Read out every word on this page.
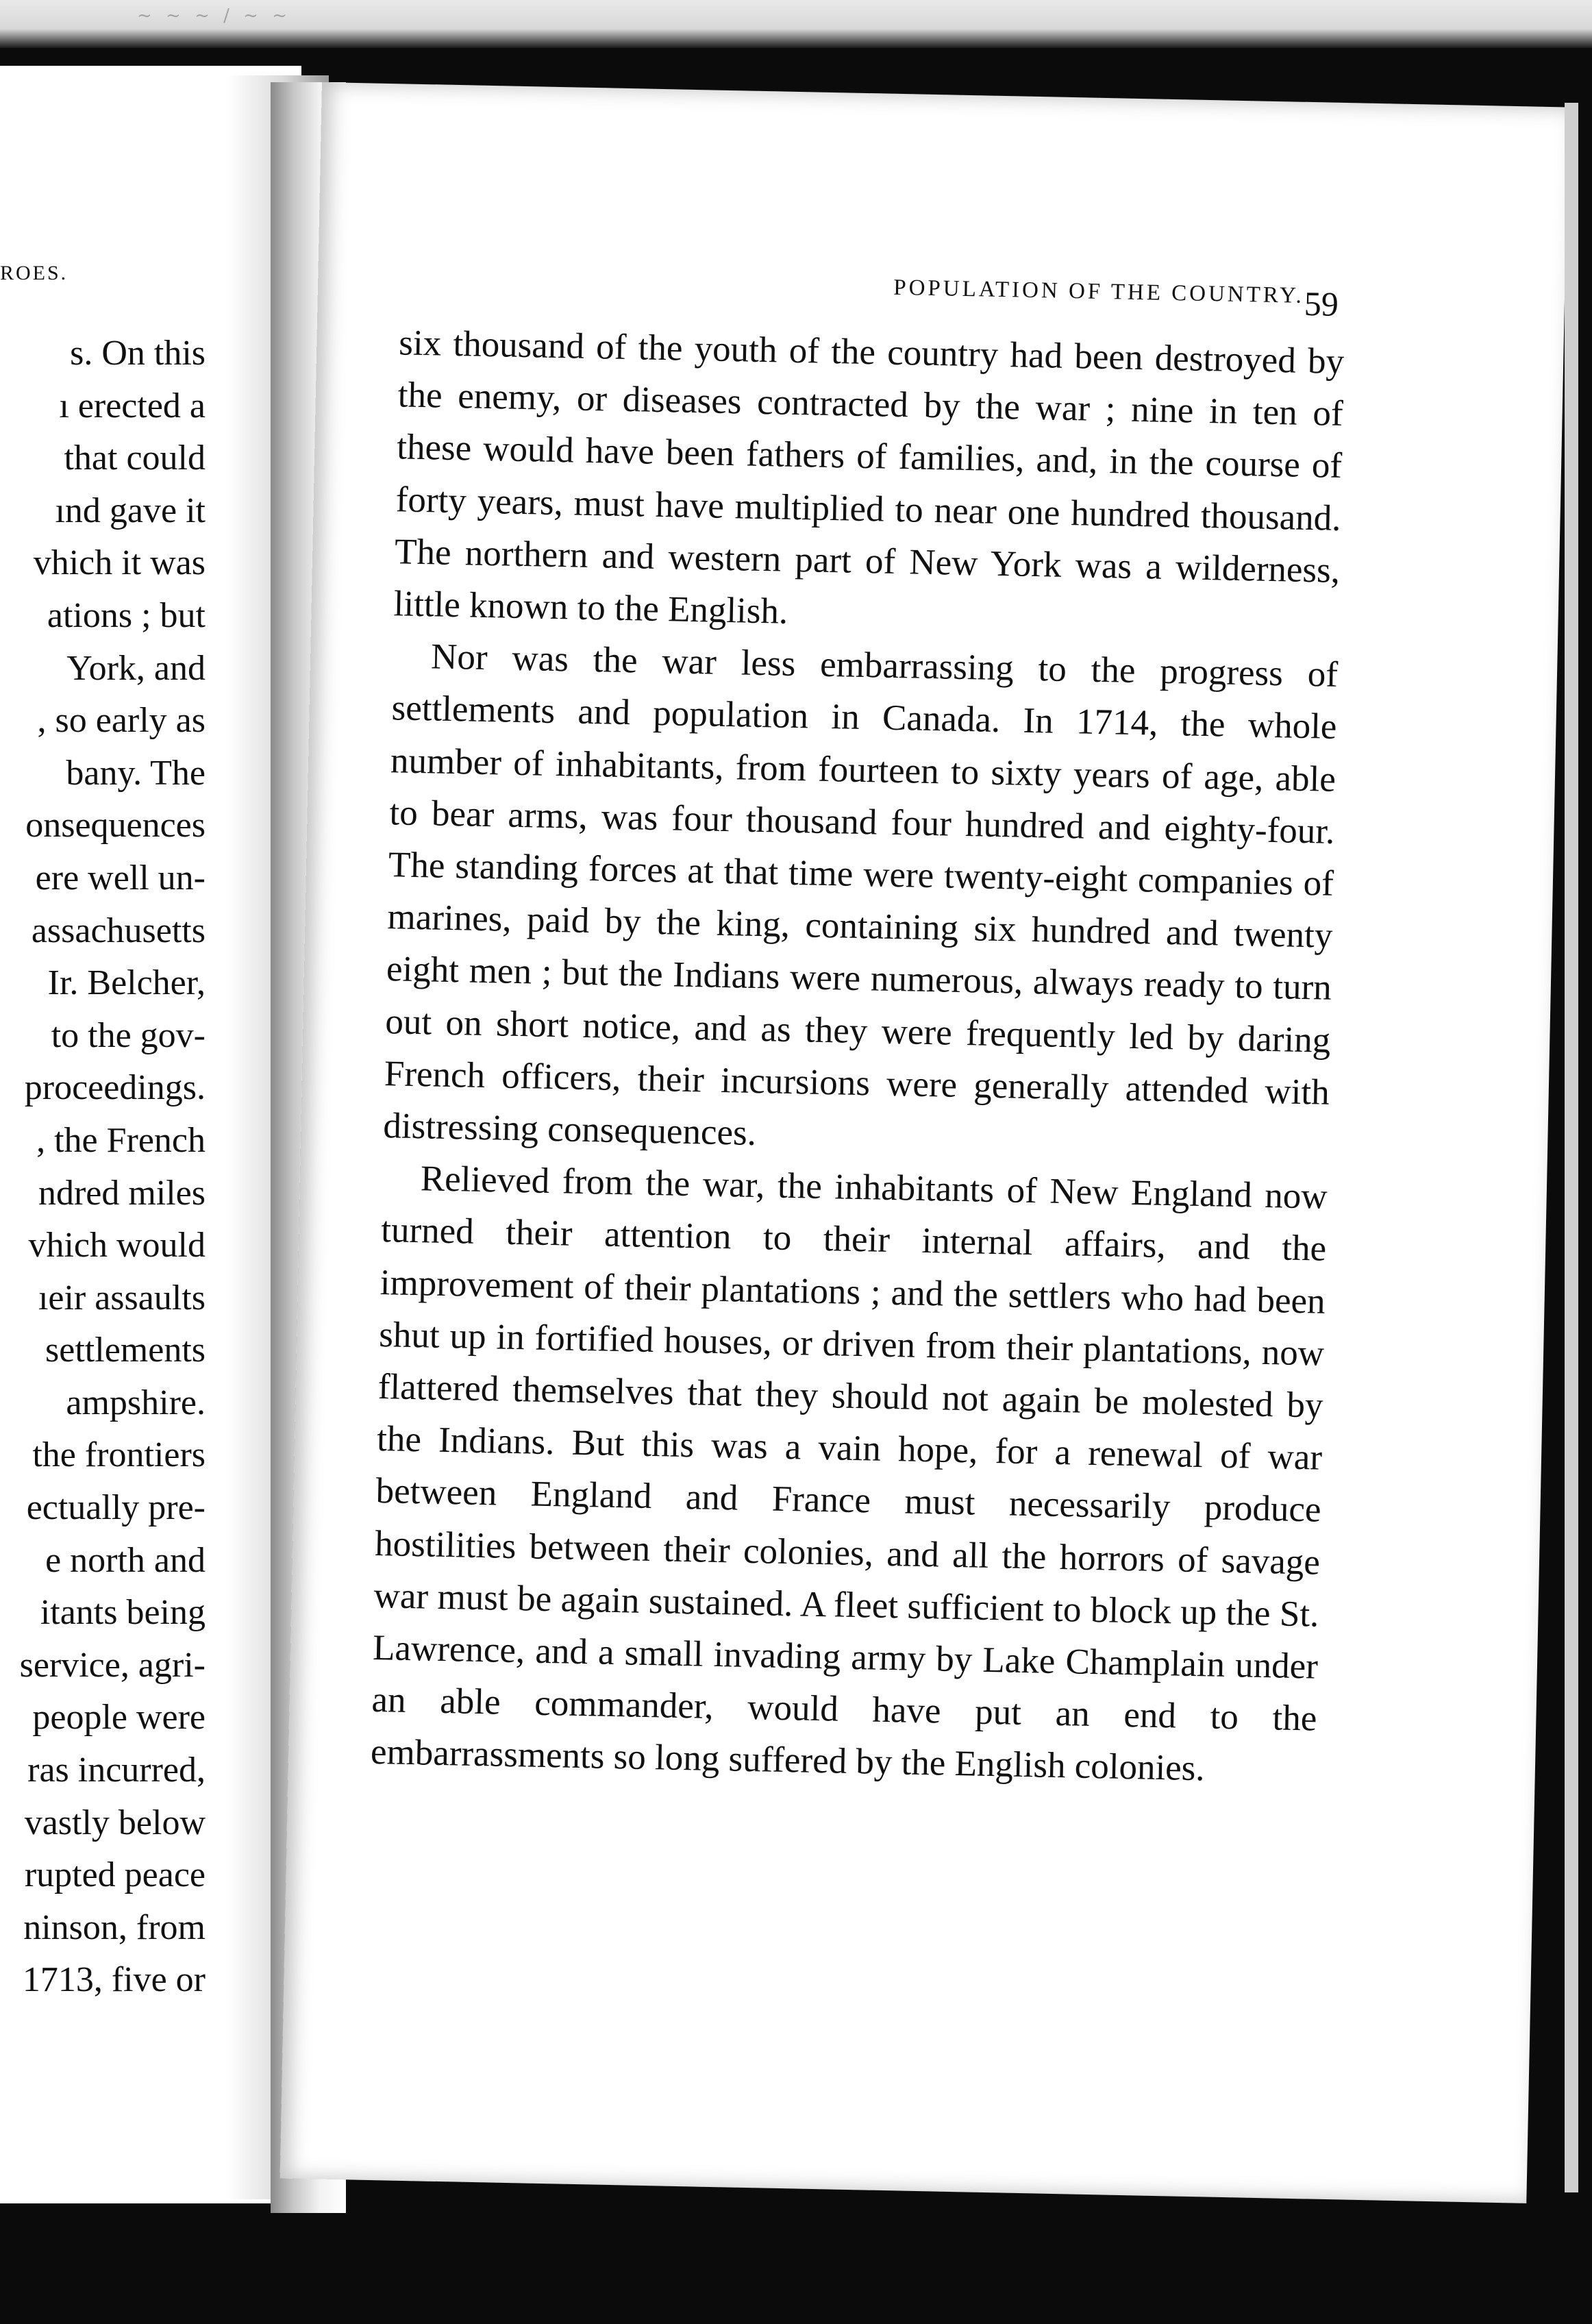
~ ~ ~ / ~ ~
ROES.
s. On this
ı erected a
that could
ınd gave it
vhich it was
ations ; but
York, and
, so early as
bany. The
onsequences
ere well un-
assachusetts
Ir. Belcher,
to the gov-
proceedings.
, the French
ndred miles
vhich would
ıeir assaults
settlements
ampshire.
the frontiers
ectually pre-
e north and
itants being
service, agri-
people were
ras incurred,
vastly below
rupted peace
ninson, from
1713, five or
POPULATION OF THE COUNTRY. 59

six thousand of the youth of the country had been destroyed by the enemy, or diseases contracted by the war ; nine in ten of these would have been fathers of families, and, in the course of forty years, must have multiplied to near one hundred thousand. The northern and western part of New York was a wilderness, little known to the English.

Nor was the war less embarrassing to the progress of settlements and population in Canada. In 1714, the whole number of inhabitants, from fourteen to sixty years of age, able to bear arms, was four thousand four hundred and eighty-four. The standing forces at that time were twenty-eight companies of marines, paid by the king, containing six hundred and twenty eight men ; but the Indians were numerous, always ready to turn out on short notice, and as they were frequently led by daring French officers, their incursions were generally attended with distressing consequences.

Relieved from the war, the inhabitants of New England now turned their attention to their internal affairs, and the improvement of their plantations ; and the settlers who had been shut up in fortified houses, or driven from their plantations, now flattered themselves that they should not again be molested by the Indians. But this was a vain hope, for a renewal of war between England and France must necessarily produce hostilities between their colonies, and all the horrors of savage war must be again sustained. A fleet sufficient to block up the St. Lawrence, and a small invading army by Lake Champlain under an able commander, would have put an end to the embarrassments so long suffered by the English colonies.
